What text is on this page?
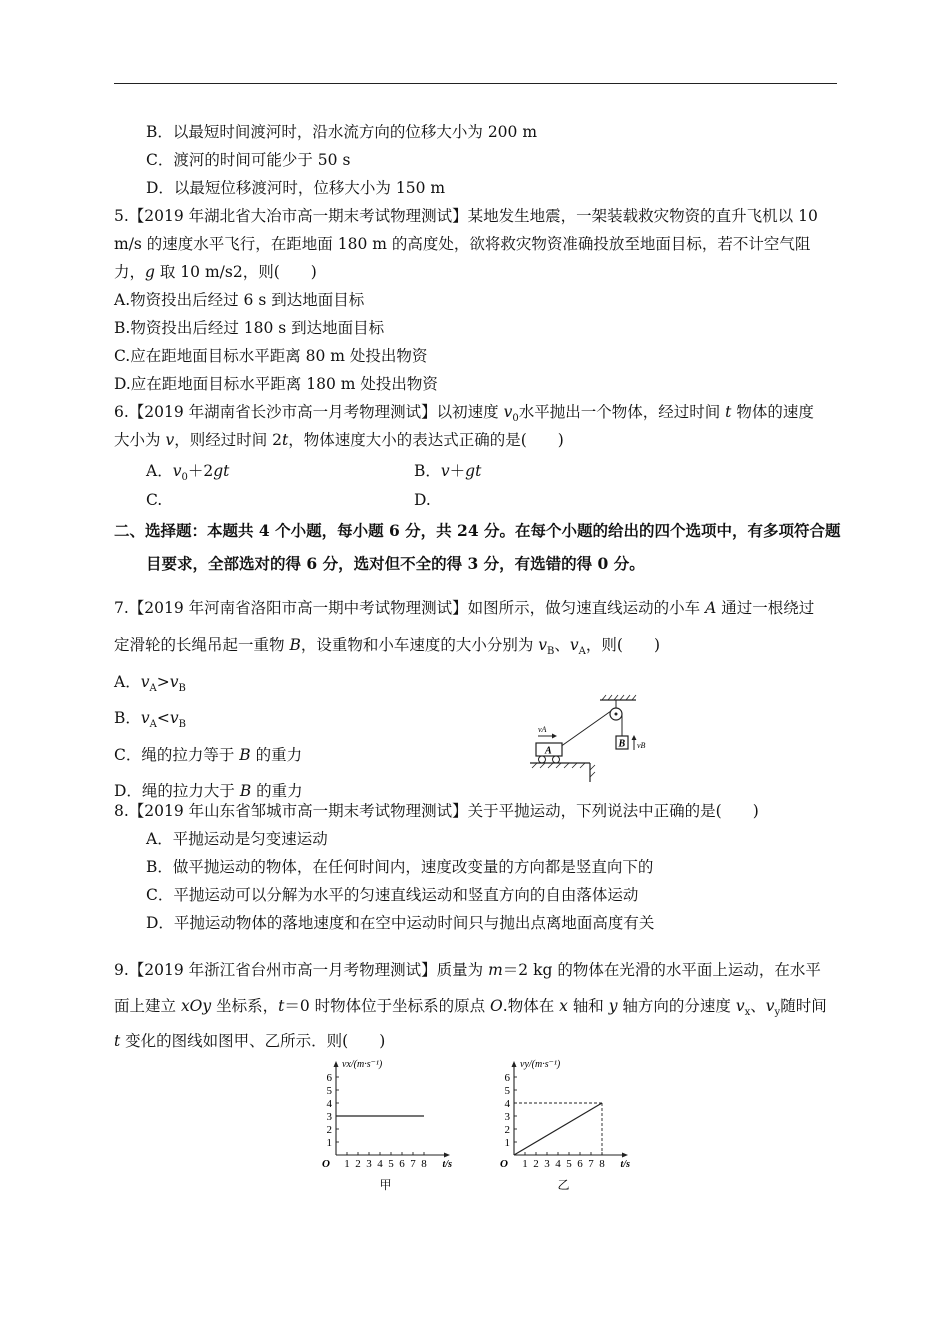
B．以最短时间渡河时，沿水流方向的位移大小为 200 m
C．渡河的时间可能少于 50 s
D．以最短位移渡河时，位移大小为 150 m
5.【2019 年湖北省大冶市高一期末考试物理测试】某地发生地震，一架装载救灾物资的直升飞机以 10
m/s 的速度水平飞行，在距地面 180 m 的高度处，欲将救灾物资准确投放至地面目标，若不计空气阻
力，g 取 10 m/s2，则(　　)
A.物资投出后经过 6 s 到达地面目标
B.物资投出后经过 180 s 到达地面目标
C.应在距地面目标水平距离 80 m 处投出物资
D.应在距地面目标水平距离 180 m 处投出物资
6.【2019 年湖南省长沙市高一月考物理测试】以初速度 $v_0$水平抛出一个物体，经过时间 t 物体的速度
大小为 v，则经过时间 2t，物体速度大小的表达式正确的是(　　)
A．$v_0+2gt$	B．v＋gt
C.	D.
二、选择题：本题共 4 个小题，每小题 6 分，共 24 分。在每个小题的给出的四个选项中，有多项符合题
目要求，全部选对的得 6 分，选对但不全的得 3 分，有选错的得 0 分。
7.【2019 年河南省洛阳市高一期中考试物理测试】如图所示，做匀速直线运动的小车 A 通过一根绕过
定滑轮的长绳吊起一重物 B，设重物和小车速度的大小分别为 $v_B$、$v_A$，则(　　)
A．$v_A>v_B$
B．$v_A<v_B$
C．绳的拉力等于 B 的重力
D．绳的拉力大于 B 的重力
B vB
A
vA
8.【2019 年山东省邹城市高一期末考试物理测试】关于平抛运动，下列说法中正确的是(　　)
A．平抛运动是匀变速运动
B．做平抛运动的物体，在任何时间内，速度改变量的方向都是竖直向下的
C．平抛运动可以分解为水平的匀速直线运动和竖直方向的自由落体运动
D．平抛运动物体的落地速度和在空中运动时间只与抛出点离地面高度有关
9.【2019 年浙江省台州市高一月考物理测试】质量为 m＝2 kg 的物体在光滑的水平面上运动，在水平
面上建立 xOy 坐标系，t＝0 时物体位于坐标系的原点 O.物体在 x 轴和 y 轴方向的分速度 $v_x$、$v_y$随时间
t 变化的图线如图甲、乙所示．则(　　)
1
2
3
4
5
6
1 2 3 4 5 6 7 8
O	t/s
vx/(m·s⁻¹)
甲
1
2
3
4
5
6
1 2 3 4 5 6 7 8
O	t/s
vy/(m·s⁻¹)
乙
